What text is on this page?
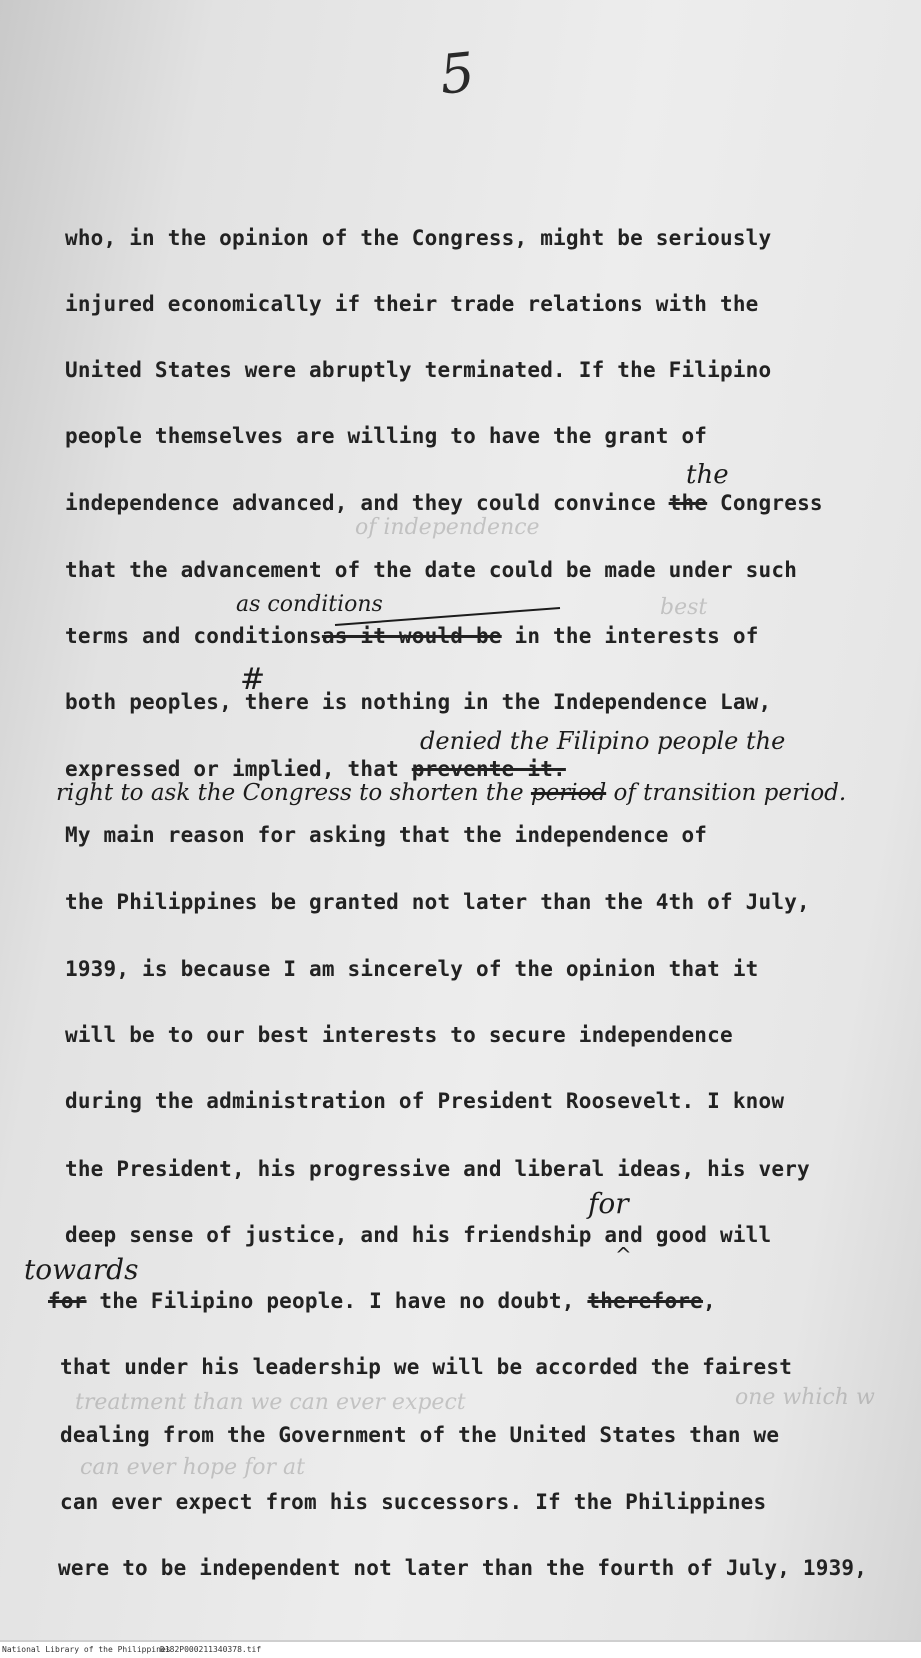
5
of independence
best
treatment than we can ever expect	one which w
can ever hope for at
who, in the opinion of the Congress, might be seriously
injured economically if their trade relations with the
United States were abruptly terminated. If the Filipino
people themselves are willing to have the grant of
independence advanced, and they could convince the Congress
the
that the advancement of the date could be made under such
terms and conditionsas it would be in the interests of
as conditions
#
both peoples, there is nothing in the Independence Law,
expressed or implied, that prevente it.
denied the Filipino people the
right to ask the Congress to shorten the period of transition period.
My main reason for asking that the independence of
the Philippines be granted not later than the 4th of July,
1939, is because I am sincerely of the opinion that it
will be to our best interests to secure independence
during the administration of President Roosevelt. I know
the President, his progressive and liberal ideas, his very
for
deep sense of justice, and his friendship and good will
^
towards
for the Filipino people. I have no doubt, therefore,
that under his leadership we will be accorded the fairest
dealing from the Government of the United States than we
can ever expect from his successors. If the Philippines
were to be independent not later than the fourth of July, 1939,
National Library of the Philippines
D182P000211340378.tif
